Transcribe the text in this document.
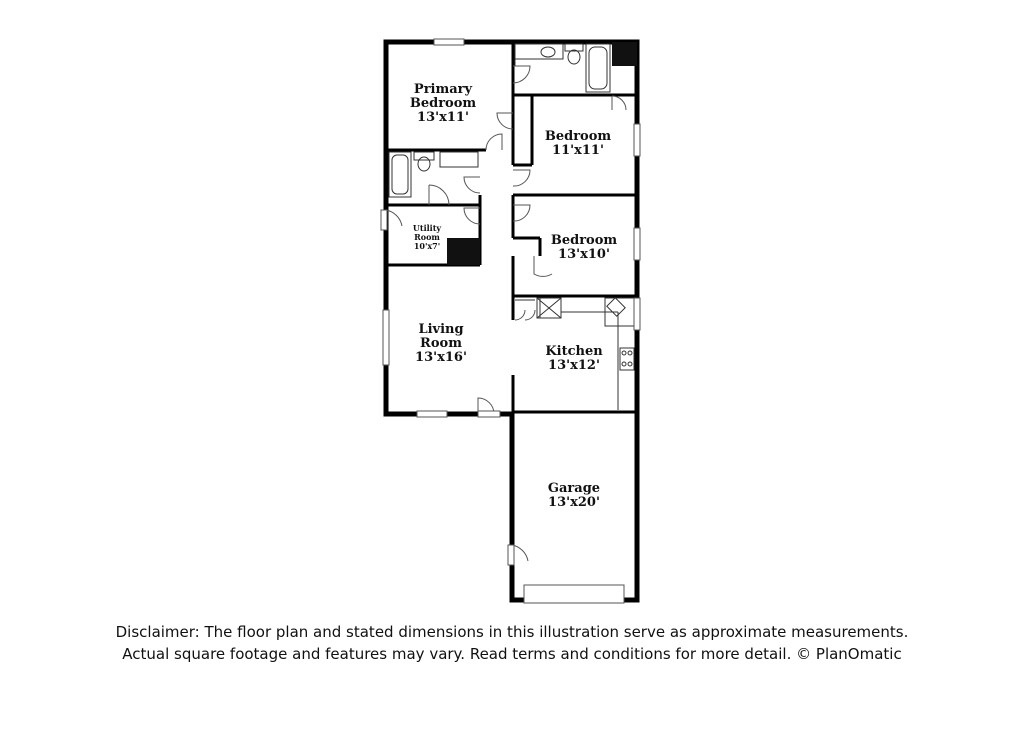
Primary
Bedroom
13'x11'
Bedroom
11'x11'
Utility
Room
10'x7'	Bedroom
13'x10'
Living
Room
13'x16'	Kitchen
13'x12'
Garage
13'x20'
Disclaimer: The floor plan and stated dimensions in this illustration serve as approximate measurements.
Actual square footage and features may vary. Read terms and conditions for more detail. © PlanOmatic
